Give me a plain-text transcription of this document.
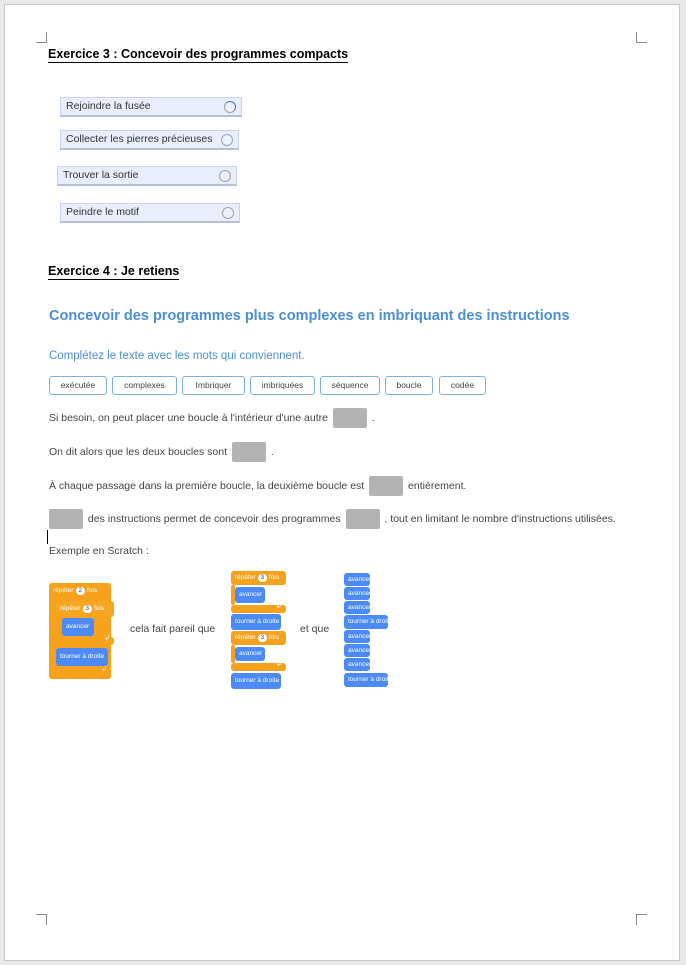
Exercice 3 : Concevoir des programmes compacts
Rejoindre la fusée
Collecter les pierres précieuses
Trouver la sortie
Peindre le motif
Exercice 4 : Je retiens
Concevoir des programmes plus complexes en imbriquant des instructions
Complétez le texte avec les mots qui conviennent.
exécutée	complexes	Imbriquer	imbriquées	séquence	boucle	codée
Si besoin, on peut placer une boucle à l'intérieur d'une autre	.
On dit alors que les deux boucles sont	.
À chaque passage dans la première boucle, la deuxième boucle est	entièrement.
des instructions permet de concevoir des programmes	, tout en limitant le nombre d'instructions utilisées.
Exemple en Scratch :
répéter 2 fois
répéter 3 fois
avancer
↲
tourner à droite
↲
cela fait pareil que
répéter 3 fois
avancer
↲
tourner à droite
répéter 3 fois
avancer
↲
tourner à droite
et que
avancer
avancer
avancer
tourner à droite
avancer
avancer
avancer
tourner à droite
